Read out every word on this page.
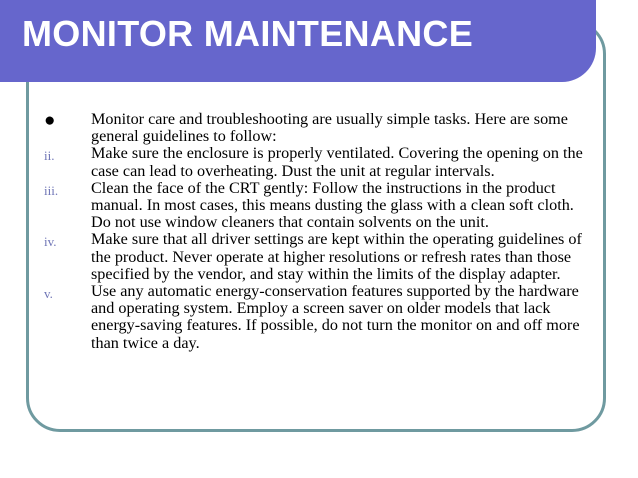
MONITOR MAINTENANCE
●	Monitor care and troubleshooting are usually simple tasks. Here are some general guidelines to follow:
ii.	Make sure the enclosure is properly ventilated. Covering the opening on the case can lead to overheating. Dust the unit at regular intervals.
iii.	Clean the face of the CRT gently: Follow the instructions in the product manual. In most cases, this means dusting the glass with a clean soft cloth. Do not use window cleaners that contain solvents on the unit.
iv.	Make sure that all driver settings are kept within the operating guidelines of the product. Never operate at higher resolutions or refresh rates than those specified by the vendor, and stay within the limits of the display adapter.
v.	Use any automatic energy-conservation features supported by the hardware and operating system. Employ a screen saver on older models that lack energy-saving features. If possible, do not turn the monitor on and off more than twice a day.
